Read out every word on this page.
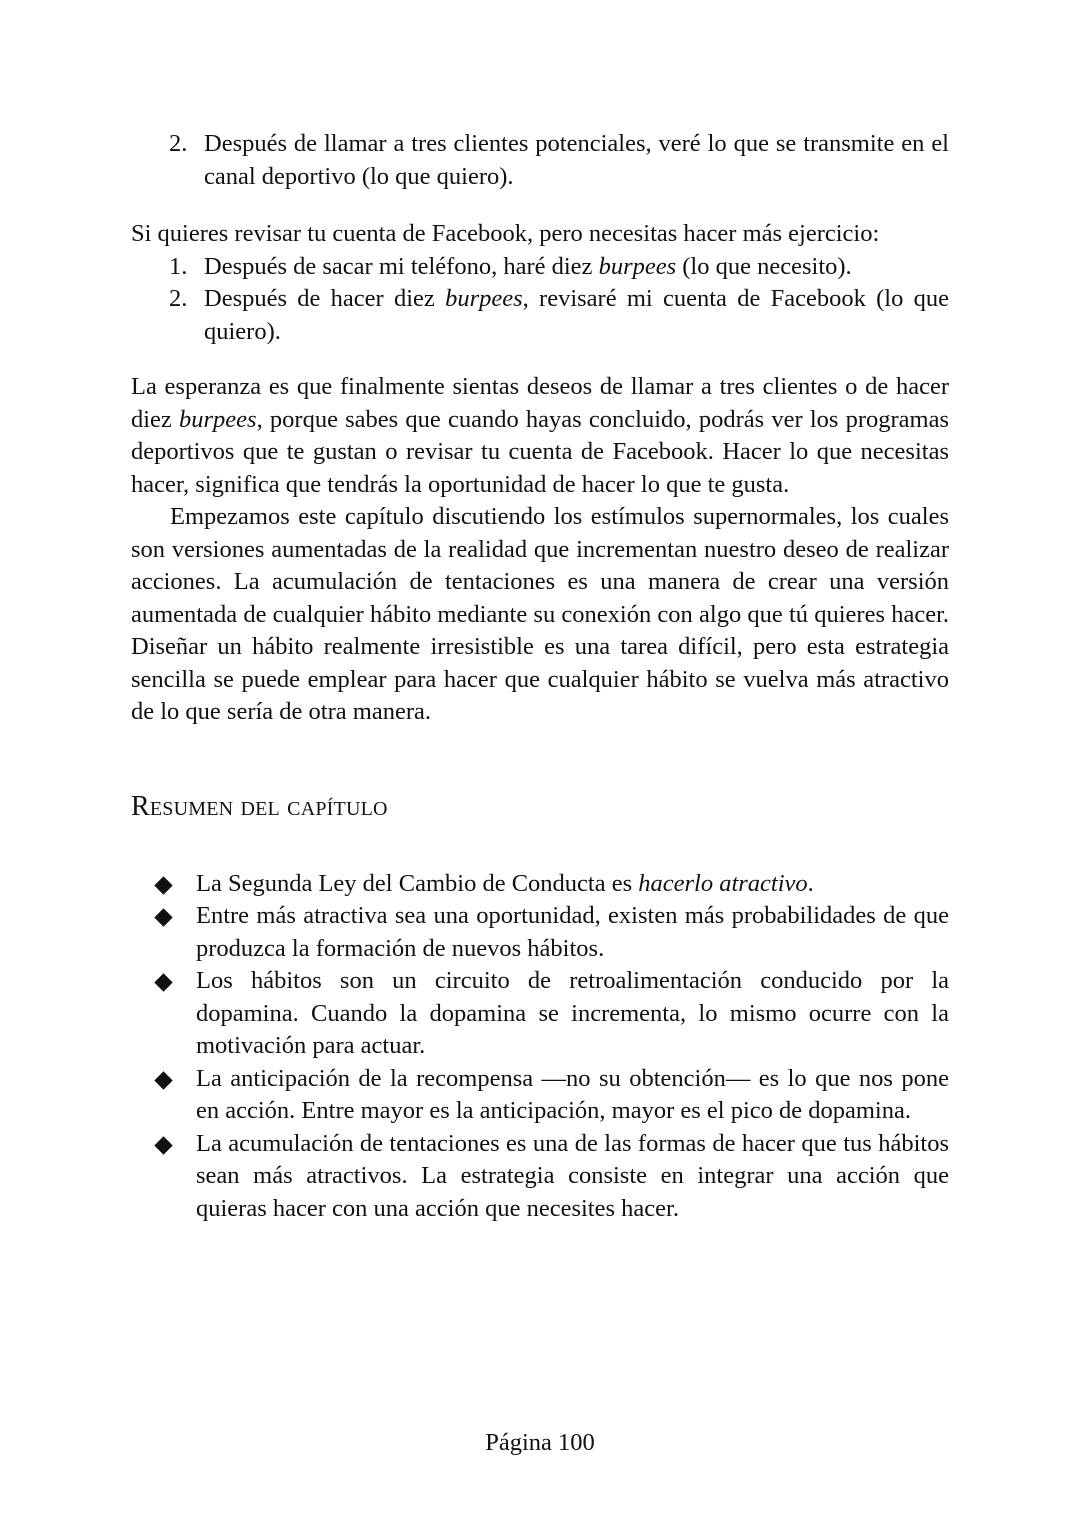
2. Después de llamar a tres clientes potenciales, veré lo que se transmite en el canal deportivo (lo que quiero).

Si quieres revisar tu cuenta de Facebook, pero necesitas hacer más ejercicio:

1. Después de sacar mi teléfono, haré diez burpees (lo que necesito).
2. Después de hacer diez burpees, revisaré mi cuenta de Facebook (lo que quiero).

La esperanza es que finalmente sientas deseos de llamar a tres clientes o de hacer diez burpees, porque sabes que cuando hayas concluido, podrás ver los programas deportivos que te gustan o revisar tu cuenta de Facebook. Hacer lo que necesitas hacer, significa que tendrás la oportunidad de hacer lo que te gusta.

Empezamos este capítulo discutiendo los estímulos supernormales, los cuales son versiones aumentadas de la realidad que incrementan nuestro deseo de realizar acciones. La acumulación de tentaciones es una manera de crear una versión aumentada de cualquier hábito mediante su conexión con algo que tú quieres hacer. Diseñar un hábito realmente irresistible es una tarea difícil, pero esta estrategia sencilla se puede emplear para hacer que cualquier hábito se vuelva más atractivo de lo que sería de otra manera.

Resumen del capítulo
La Segunda Ley del Cambio de Conducta es hacerlo atractivo.
Entre más atractiva sea una oportunidad, existen más probabilidades de que produzca la formación de nuevos hábitos.
Los hábitos son un circuito de retroalimentación conducido por la dopamina. Cuando la dopamina se incrementa, lo mismo ocurre con la motivación para actuar.
La anticipación de la recompensa —no su obtención— es lo que nos pone en acción. Entre mayor es la anticipación, mayor es el pico de dopamina.
La acumulación de tentaciones es una de las formas de hacer que tus hábitos sean más atractivos. La estrategia consiste en integrar una acción que quieras hacer con una acción que necesites hacer.
Página 100
